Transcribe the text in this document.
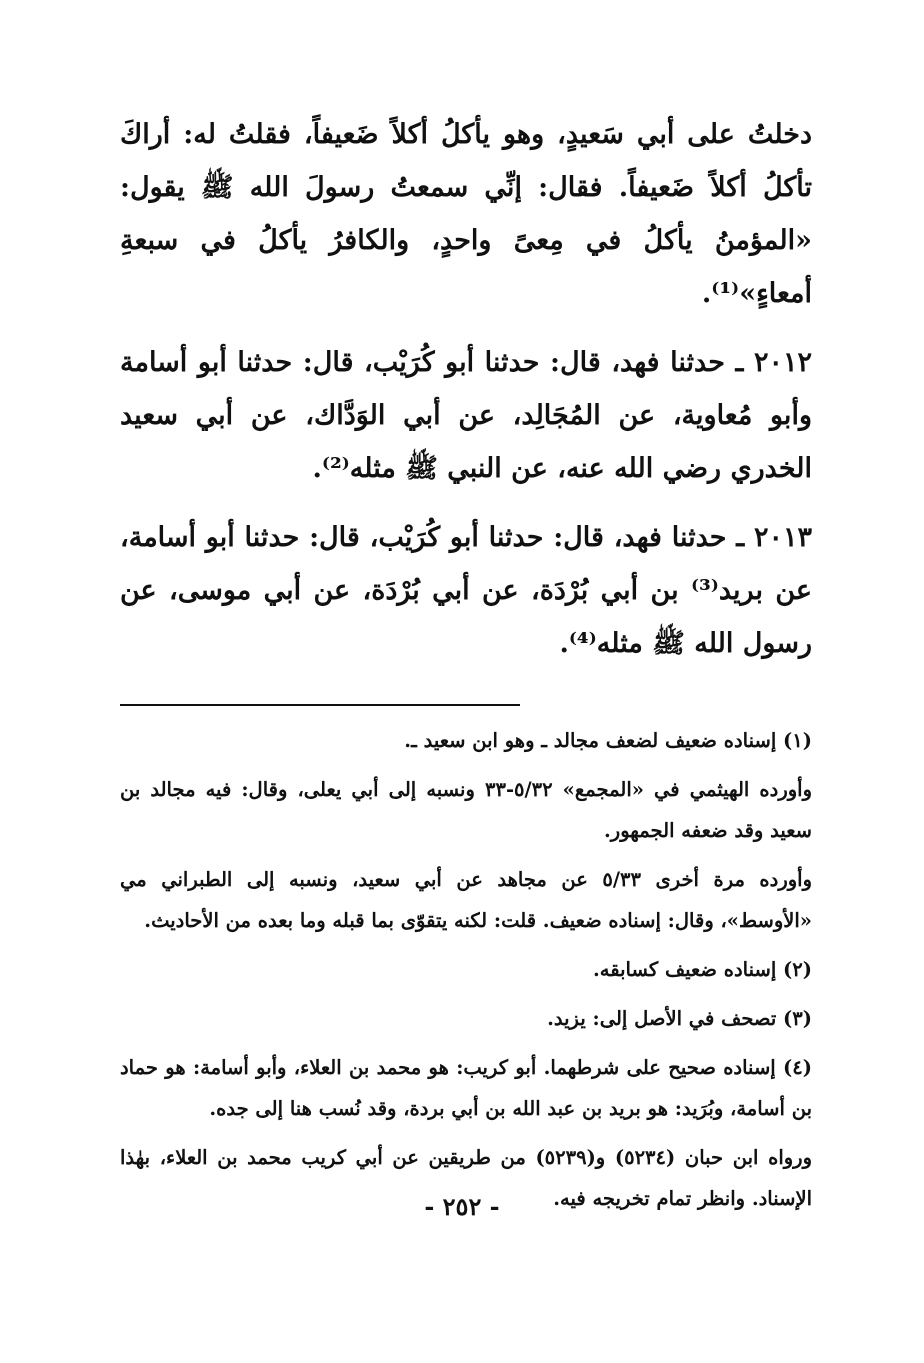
دخلتُ على أبي سَعيدٍ، وهو يأكلُ أكلاً ضَعيفاً، فقلتُ له: أراكَ تأكلُ أكلاً ضَعيفاً. فقال: إنِّي سمعتُ رسولَ الله ﷺ يقول: «المؤمنُ يأكلُ في مِعىً واحدٍ، والكافرُ يأكلُ في سبعةِ أمعاءٍ»⁽¹⁾.

٢٠١٢ ـ حدثنا فهد، قال: حدثنا أبو كُرَيْب، قال: حدثنا أبو أسامة وأبو مُعاوية، عن المُجَالِد، عن أبي الوَدَّاك، عن أبي سعيد الخدري رضي الله عنه، عن النبي ﷺ مثله⁽²⁾.

٢٠١٣ ـ حدثنا فهد، قال: حدثنا أبو كُرَيْب، قال: حدثنا أبو أسامة، عن بريد⁽³⁾ بن أبي بُرْدَة، عن أبي بُرْدَة، عن أبي موسى، عن رسول الله ﷺ مثله⁽⁴⁾.

(١) إسناده ضعيف لضعف مجالد ـ وهو ابن سعيد ـ.

وأورده الهيثمي في «المجمع» ٥/٣٢-٣٣ ونسبه إلى أبي يعلى، وقال: فيه مجالد بن سعيد وقد ضعفه الجمهور.

وأورده مرة أخرى ٥/٣٣ عن مجاهد عن أبي سعيد، ونسبه إلى الطبراني مي «الأوسط»، وقال: إسناده ضعيف. قلت: لكنه يتقوّى بما قبله وما بعده من الأحاديث.

(٢) إسناده ضعيف كسابقه.

(٣) تصحف في الأصل إلى: يزيد.

(٤) إسناده صحيح على شرطهما. أبو كريب: هو محمد بن العلاء، وأبو أسامة: هو حماد بن أسامة، وبُرَيد: هو بريد بن عبد الله بن أبي بردة، وقد نُسب هنا إلى جده.

ورواه ابن حبان (٥٢٣٤) و(٥٢٣٩) من طريقين عن أبي كريب محمد بن العلاء، بهٰذا الإسناد. وانظر تمام تخريجه فيه.

- ٢٥٢ -
